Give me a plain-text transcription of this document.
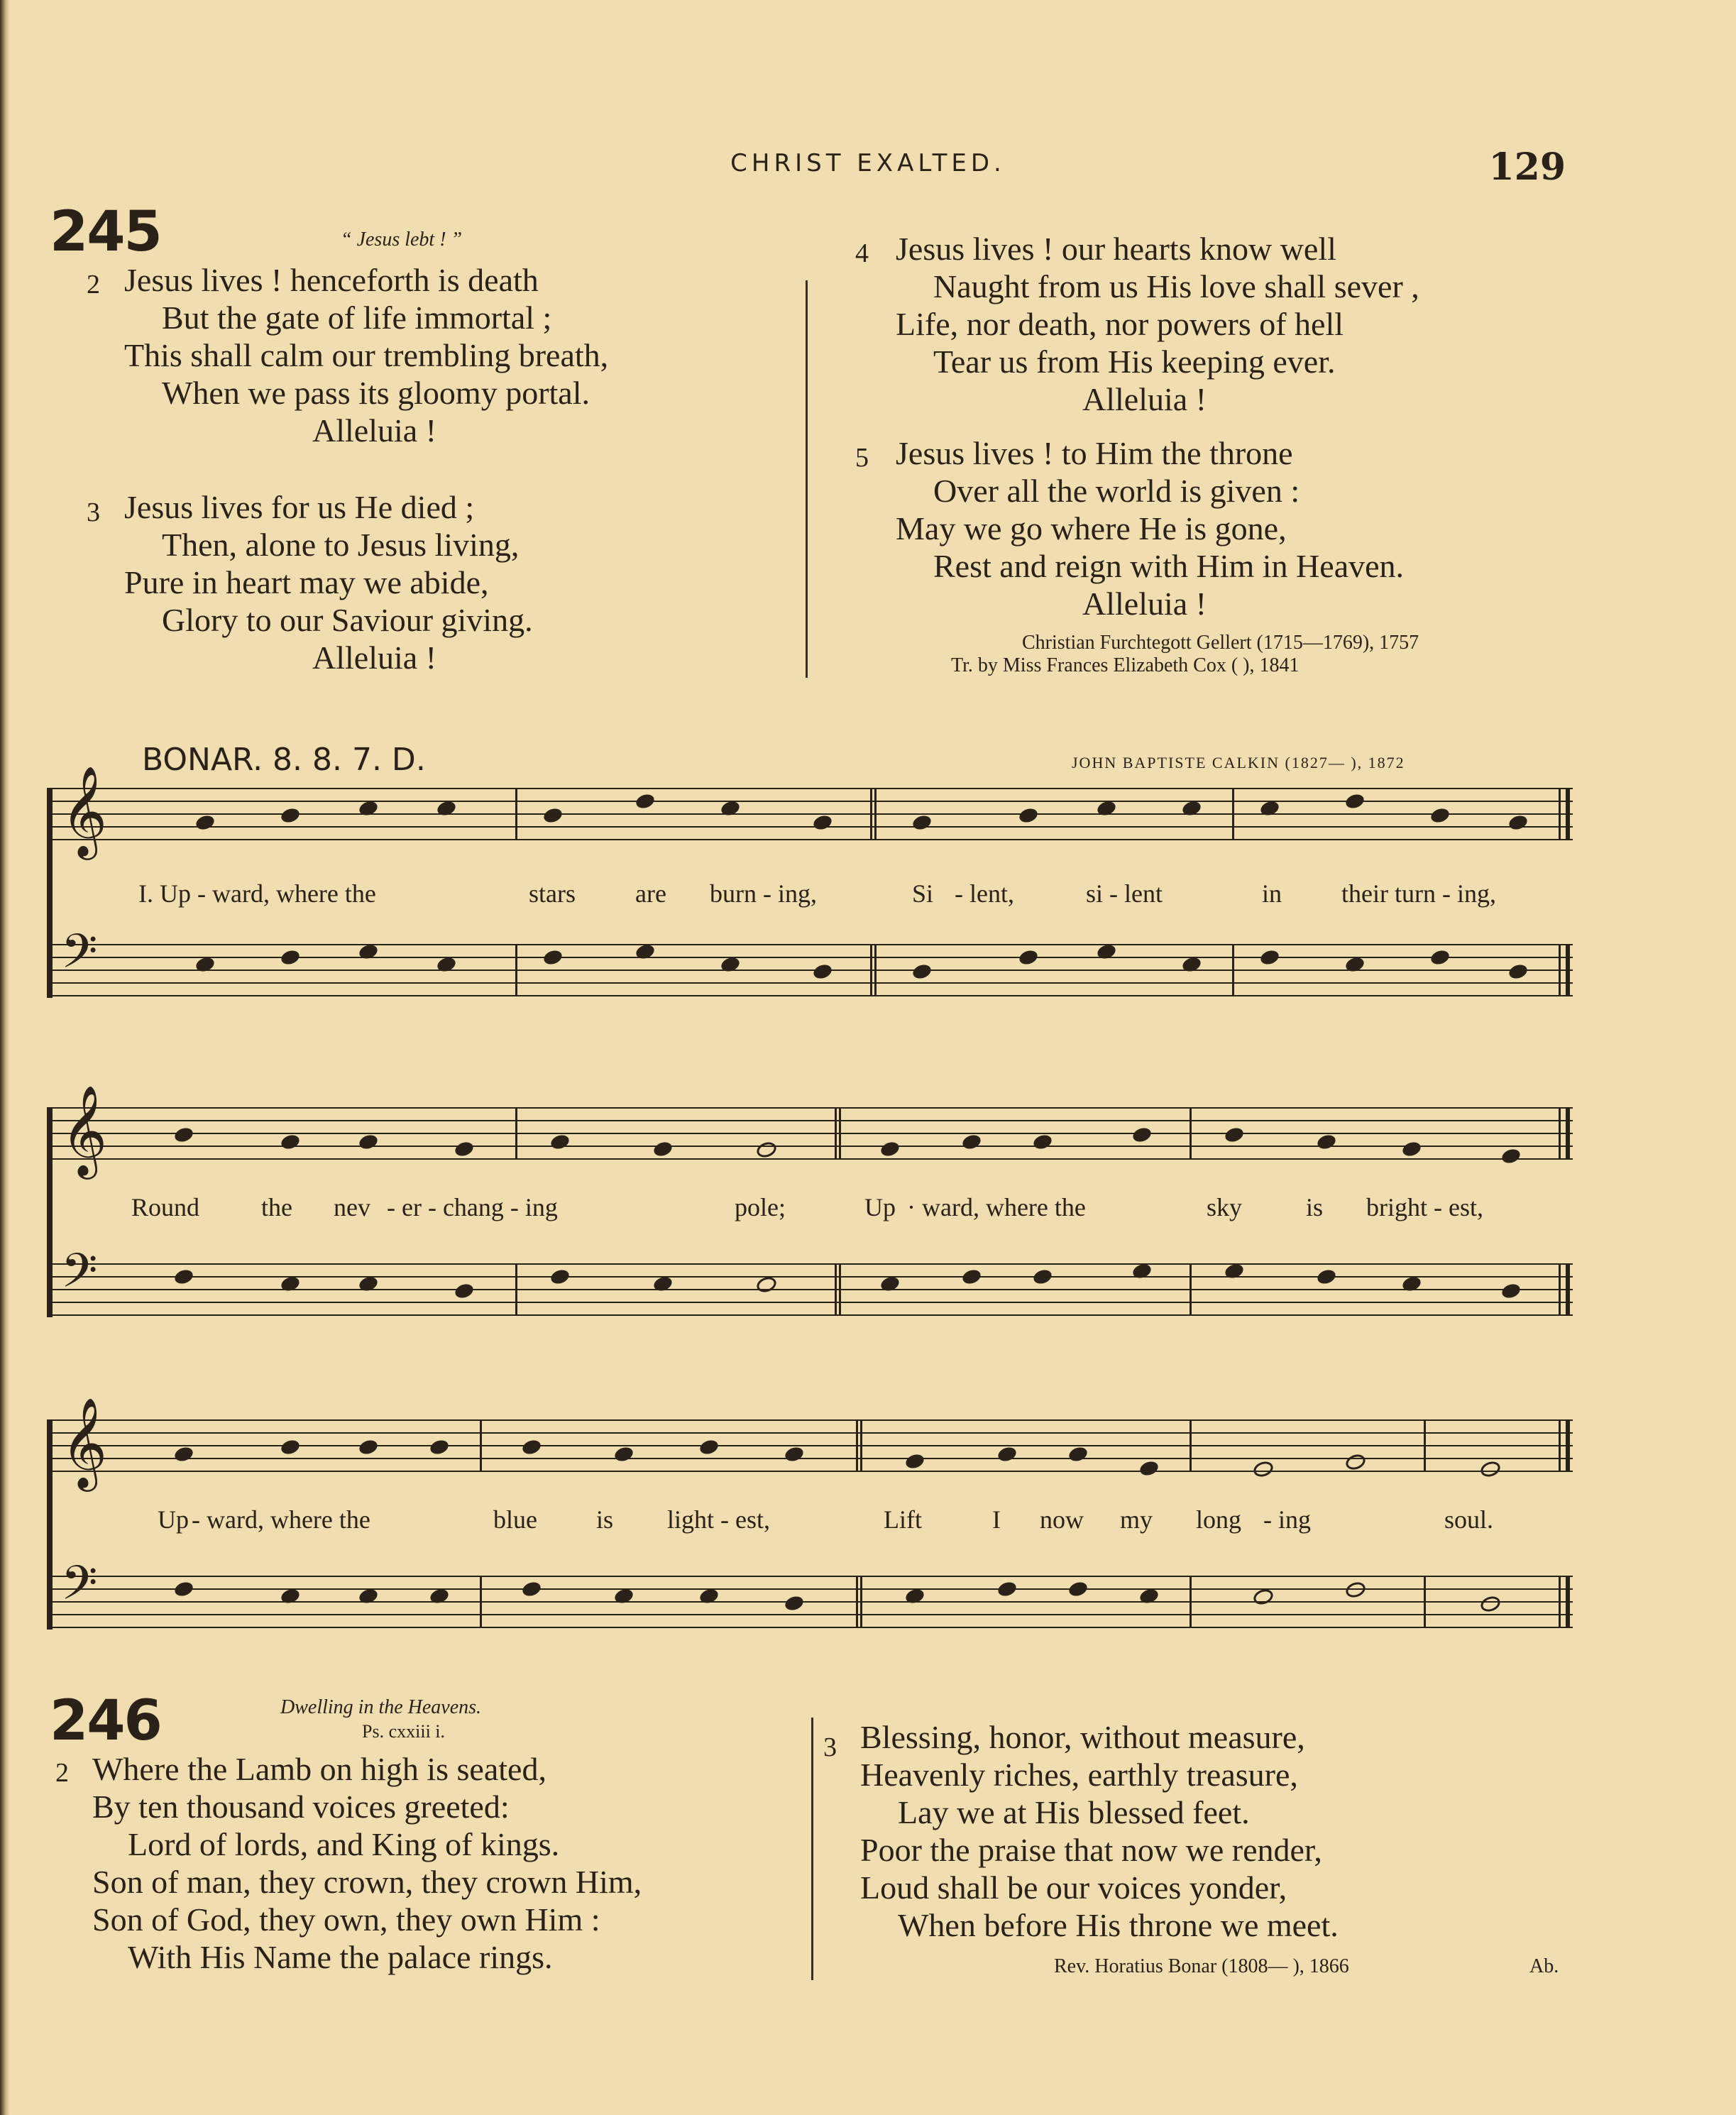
CHRIST EXALTED.	129
245	“ Jesus lebt ! ”
2 Jesus lives ! henceforth is death
But the gate of life immortal ;
This shall calm our trembling breath,
When we pass its gloomy portal.
Alleluia !
3 Jesus lives for us He died ;
Then, alone to Jesus living,
Pure in heart may we abide,
Glory to our Saviour giving.
Alleluia !
4 Jesus lives ! our hearts know well
Naught from us His love shall sever ,
Life, nor death, nor powers of hell
Tear us from His keeping ever.
Alleluia !
5 Jesus lives ! to Him the throne
Over all the world is given :
May we go where He is gone,
Rest and reign with Him in Heaven.
Alleluia !
Christian Furchtegott Gellert (1715—1769), 1757
Tr. by Miss Frances Elizabeth Cox ( ), 1841
BONAR. 8. 8. 7. D.	JOHN BAPTISTE CALKIN (1827— ), 1872
𝄞
𝄢
I. Up - ward, where the	stars are burn - ing,	Si - lent,	si - lent	in their turn - ing,
𝄞
𝄢
Round the nev - er - chang - ing	pole;	Up · ward, where the	sky is bright - est,
𝄞
𝄢
Up - ward, where the	blue is light - est,	Lift	I now my long - ing	soul.
246	Dwelling in the Heavens.
Ps. cxxiii i.
2 Where the Lamb on high is seated,
By ten thousand voices greeted:
Lord of lords, and King of kings.
Son of man, they crown, they crown Him,
Son of God, they own, they own Him :
With His Name the palace rings.
3 Blessing, honor, without measure,
Heavenly riches, earthly treasure,
Lay we at His blessed feet.
Poor the praise that now we render,
Loud shall be our voices yonder,
When before His throne we meet.
Rev. Horatius Bonar (1808— ), 1866	Ab.
